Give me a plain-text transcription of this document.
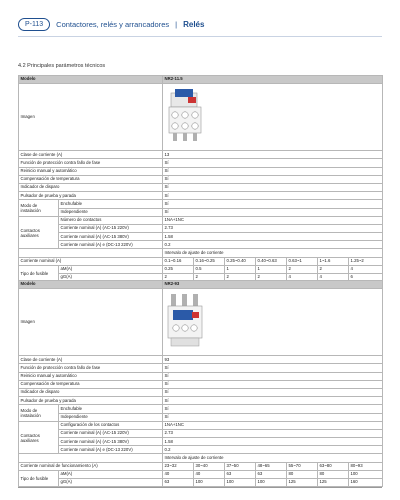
P-113	Contactores, relés y arrancadores | Relés
4.2 Principales parámetros técnicos
Modelo		NR2-11.5						
Imagen	
Clase de corriente (A)		13						
Función de protección contra fallo de fase		Sí						
Reinicio manual y automático		Sí						
Compensación de temperatura		Sí						
Indicador de disparo		Sí						
Pulsador de prueba y parada		Sí						
Modo de instalación	Enchufable	Sí						
	Independiente	Sí						
Contactos auxiliares	Número de contactos	1NA+1NC						
	Corriente nominal (A) (AC-15 220V)	2.73						
	Corriente nominal (A) (AC-15 380V)	1.58						
	Corriente nominal (A) e (DC-13 220V)	0.2						
		Intervalo de ajuste de corriente						
Corriente nominal (A)		0.1~0.16	0.16~0.25	0.25~0.40	0.40~0.63	0.63~1	1~1.6	1.25~2
Tipo de fusible	aM(A)	0.25	0.5	1	1	2	2	4
	gG(A)	2	2	2	2	4	4	6
Modelo		NR2-93						
Imagen	
Clase de corriente (A)		93						
Función de protección contra fallo de fase		Sí						
Reinicio manual y automático		Sí						
Compensación de temperatura		Sí						
Indicador de disparo		Sí						
Pulsador de prueba y parada		Sí						
Modo de instalación	Enchufable	Sí						
	Independiente	Sí						
Contactos auxiliares	Configuración de los contactos	1NA+1NC						
	Corriente nominal (A) (AC-15 220V)	2.73						
	Corriente nominal (A) (AC-15 380V)	1.58						
	Corriente nominal (A) e (DC-13 220V)	0.2						
		Intervalo de ajuste de corriente						
Corriente nominal de funcionamiento (A)		23~32	30~40	37~50	48~65	55~70	63~80	80~93
Tipo de fusible	aM(A)	40	40	63	63	80	80	100
	gG(A)	63	100	100	100	125	125	160
